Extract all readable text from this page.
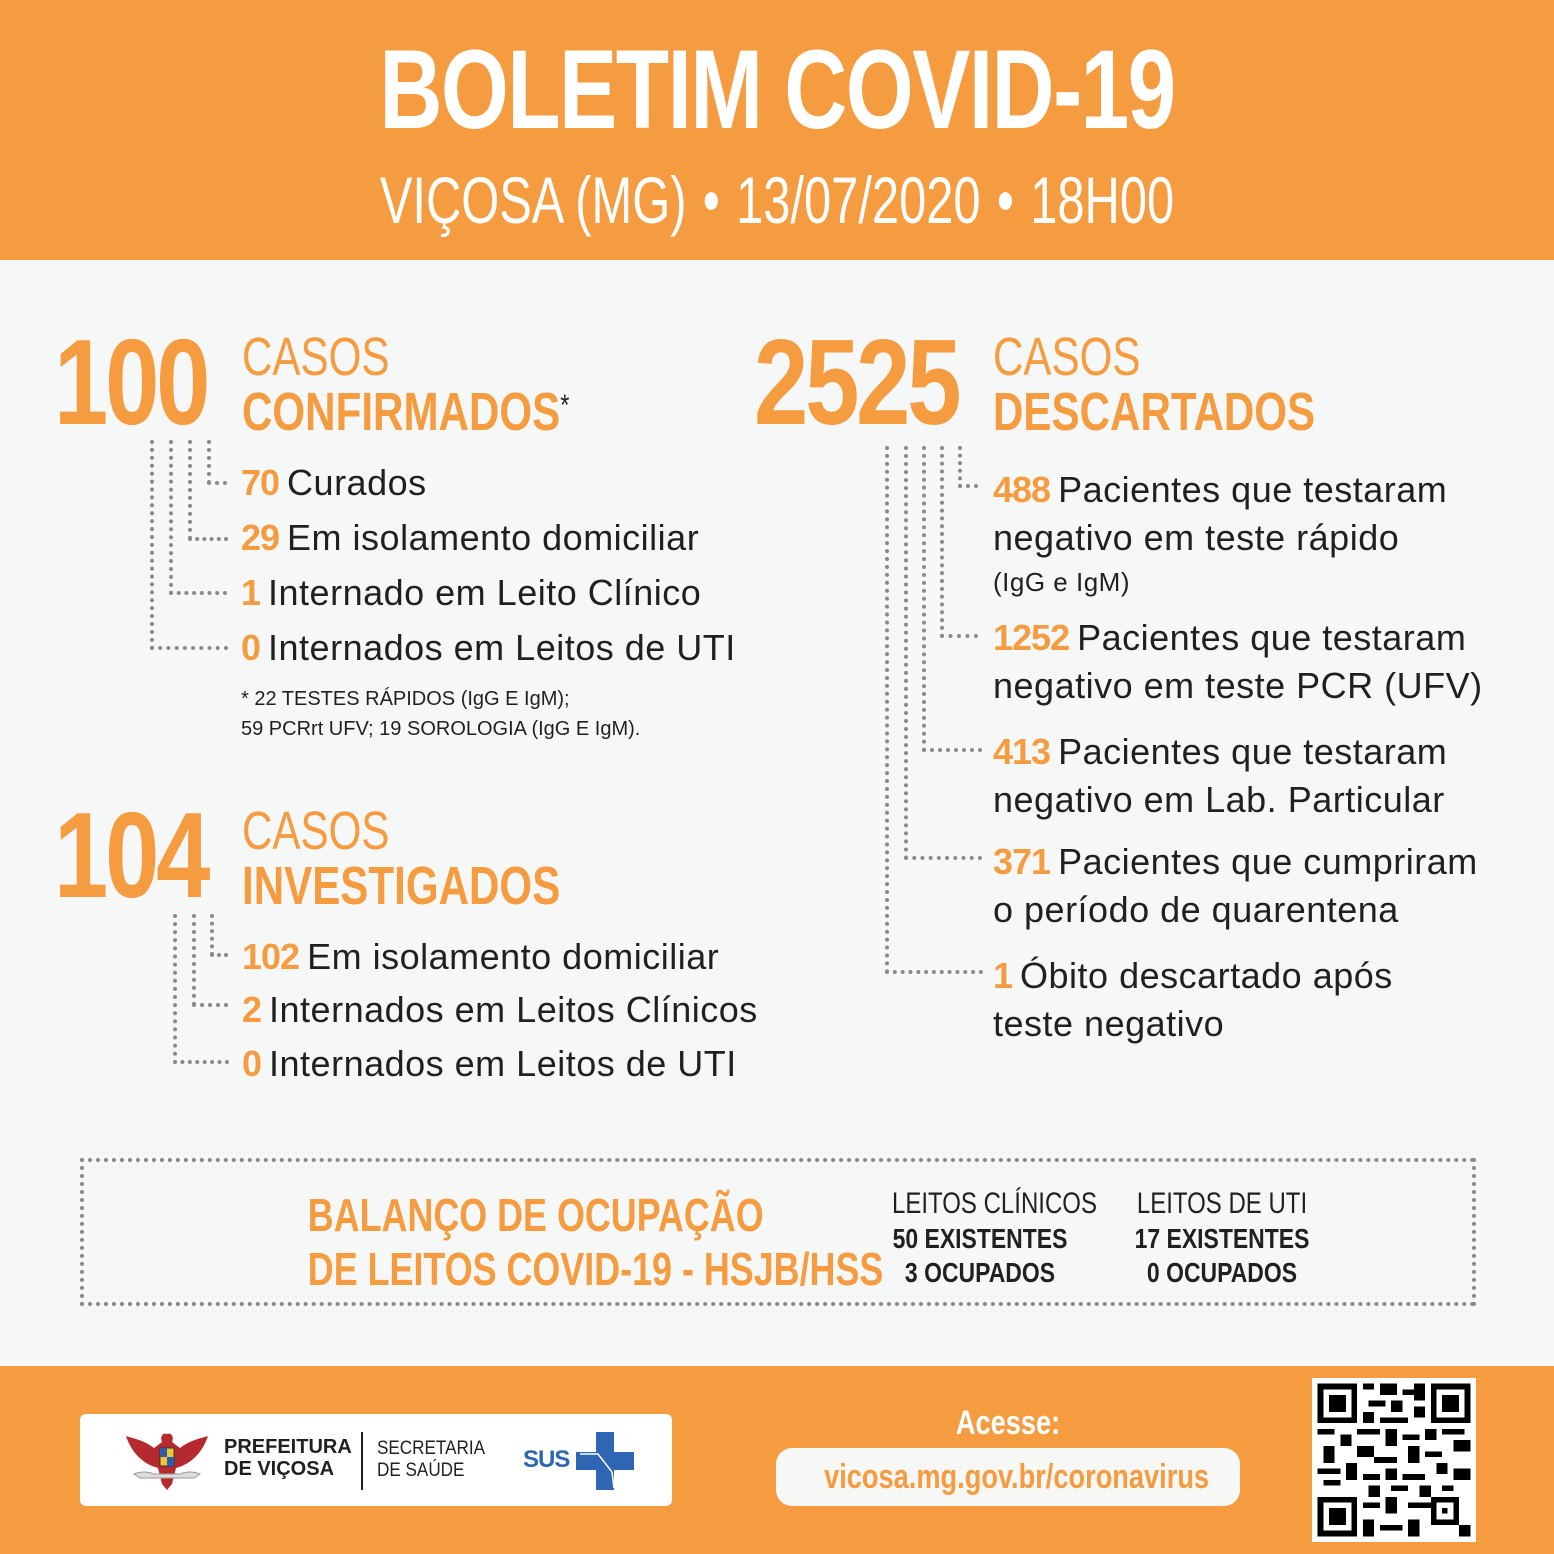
BOLETIM COVID-19
VIÇOSA (MG) • 13/07/2020 • 18H00
100 CASOS
CONFIRMADOS*
70 Curados
29 Em isolamento domiciliar
1 Internado em Leito Clínico
0 Internados em Leitos de UTI
* 22 TESTES RÁPIDOS (IgG E IgM);
59 PCRrt UFV; 19 SOROLOGIA (IgG E IgM).
104 CASOS
INVESTIGADOS
102 Em isolamento domiciliar
2 Internados em Leitos Clínicos
0 Internados em Leitos de UTI
2525 CASOS
DESCARTADOS
488 Pacientes que testaram
negativo em teste rápido
(IgG e IgM)
1252 Pacientes que testaram
negativo em teste PCR (UFV)
413 Pacientes que testaram
negativo em Lab. Particular
371 Pacientes que cumpriram
o período de quarentena
1 Óbito descartado após
teste negativo
BALANÇO DE OCUPAÇÃO
DE LEITOS COVID-19 - HSJB/HSS
LEITOS CLÍNICOS
50 EXISTENTES
3 OCUPADOS
LEITOS DE UTI
17 EXISTENTES
0 OCUPADOS
PREFEITURA
DE VIÇOSA
SECRETARIA
DE SAÚDE	SUS
Acesse:
vicosa.mg.gov.br/coronavirus
